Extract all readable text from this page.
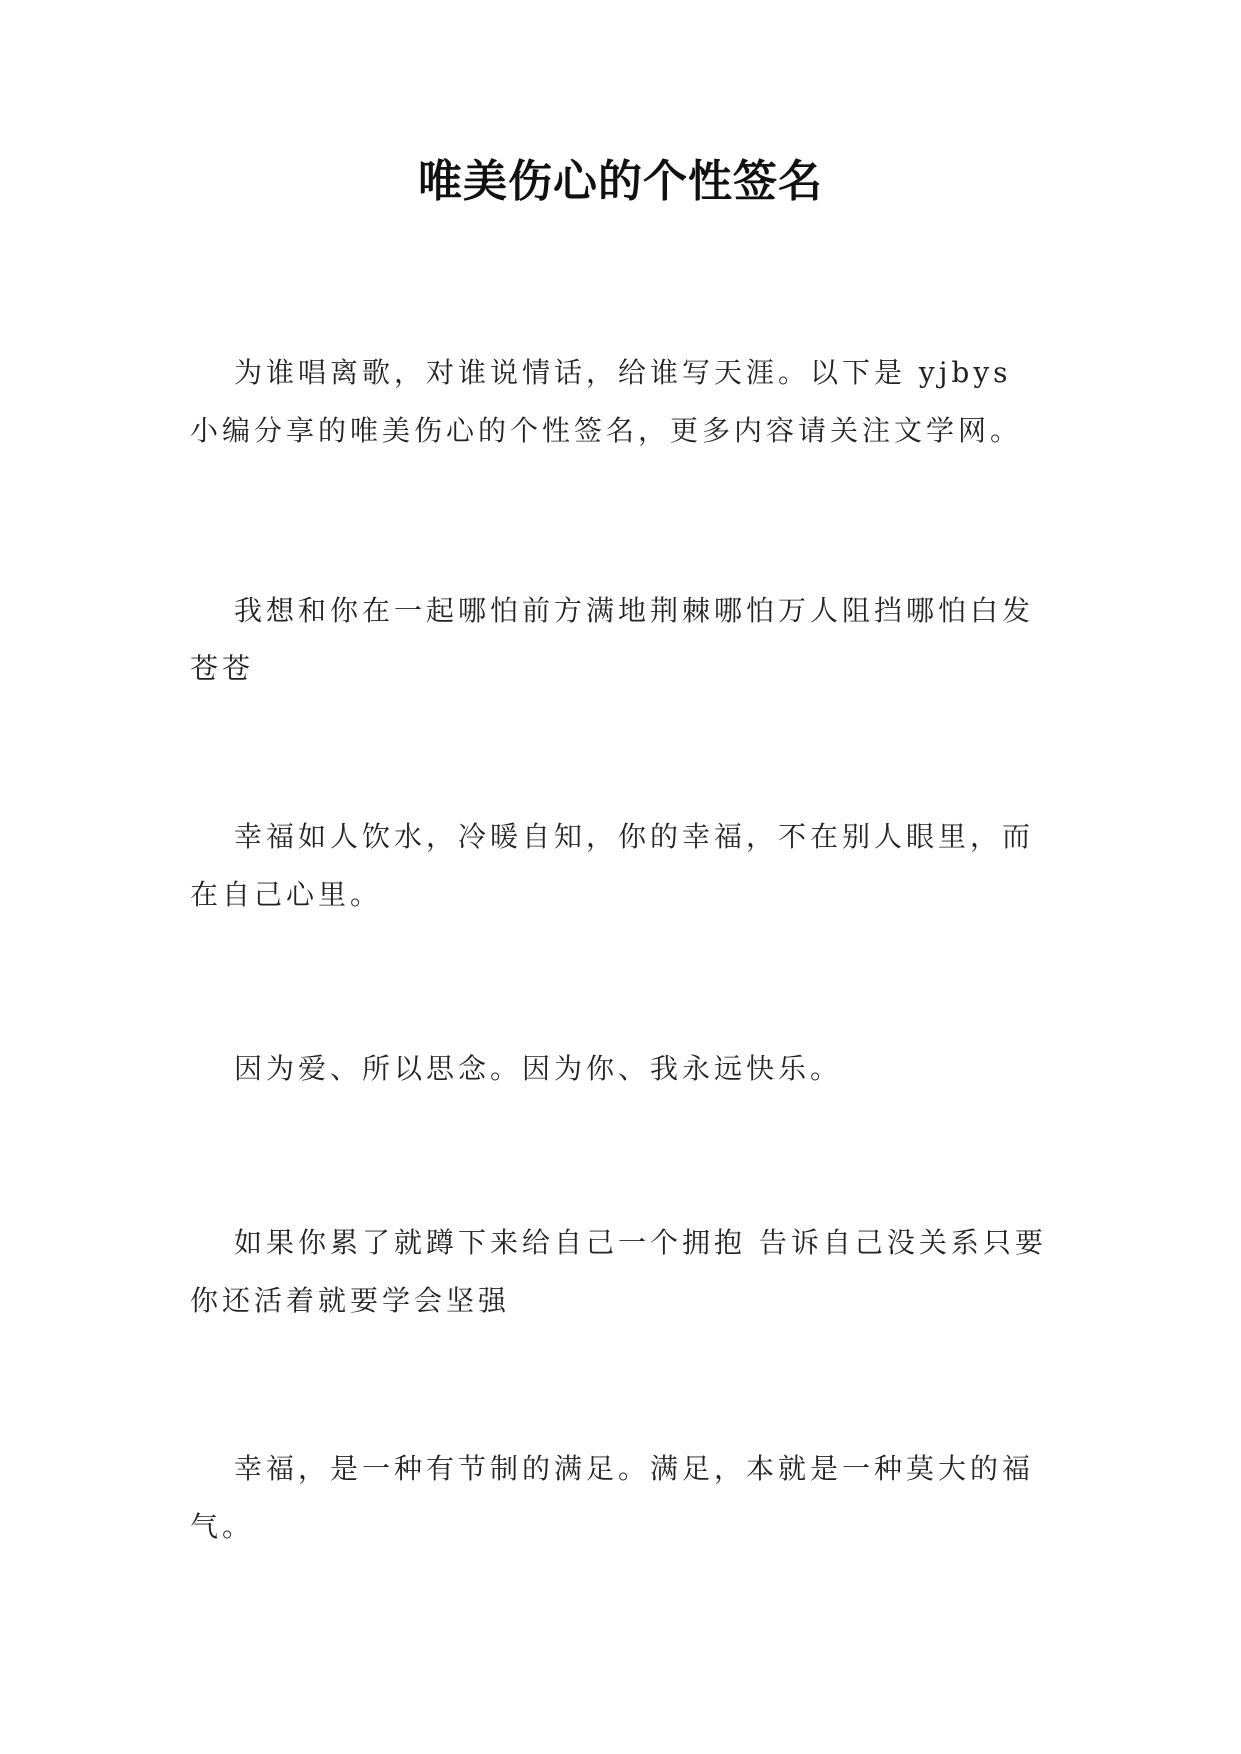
唯美伤心的个性签名
为谁唱离歌，对谁说情话，给谁写天涯。以下是 yjbys 小编分享的唯美伤心的个性签名，更多内容请关注文学网。
我想和你在一起哪怕前方满地荆棘哪怕万人阻挡哪怕白发苍苍
幸福如人饮水，冷暖自知，你的幸福，不在别人眼里，而在自己心里。
因为爱、所以思念。因为你、我永远快乐。
如果你累了就蹲下来给自己一个拥抱 告诉自己没关系只要你还活着就要学会坚强
幸福，是一种有节制的满足。满足，本就是一种莫大的福气。
